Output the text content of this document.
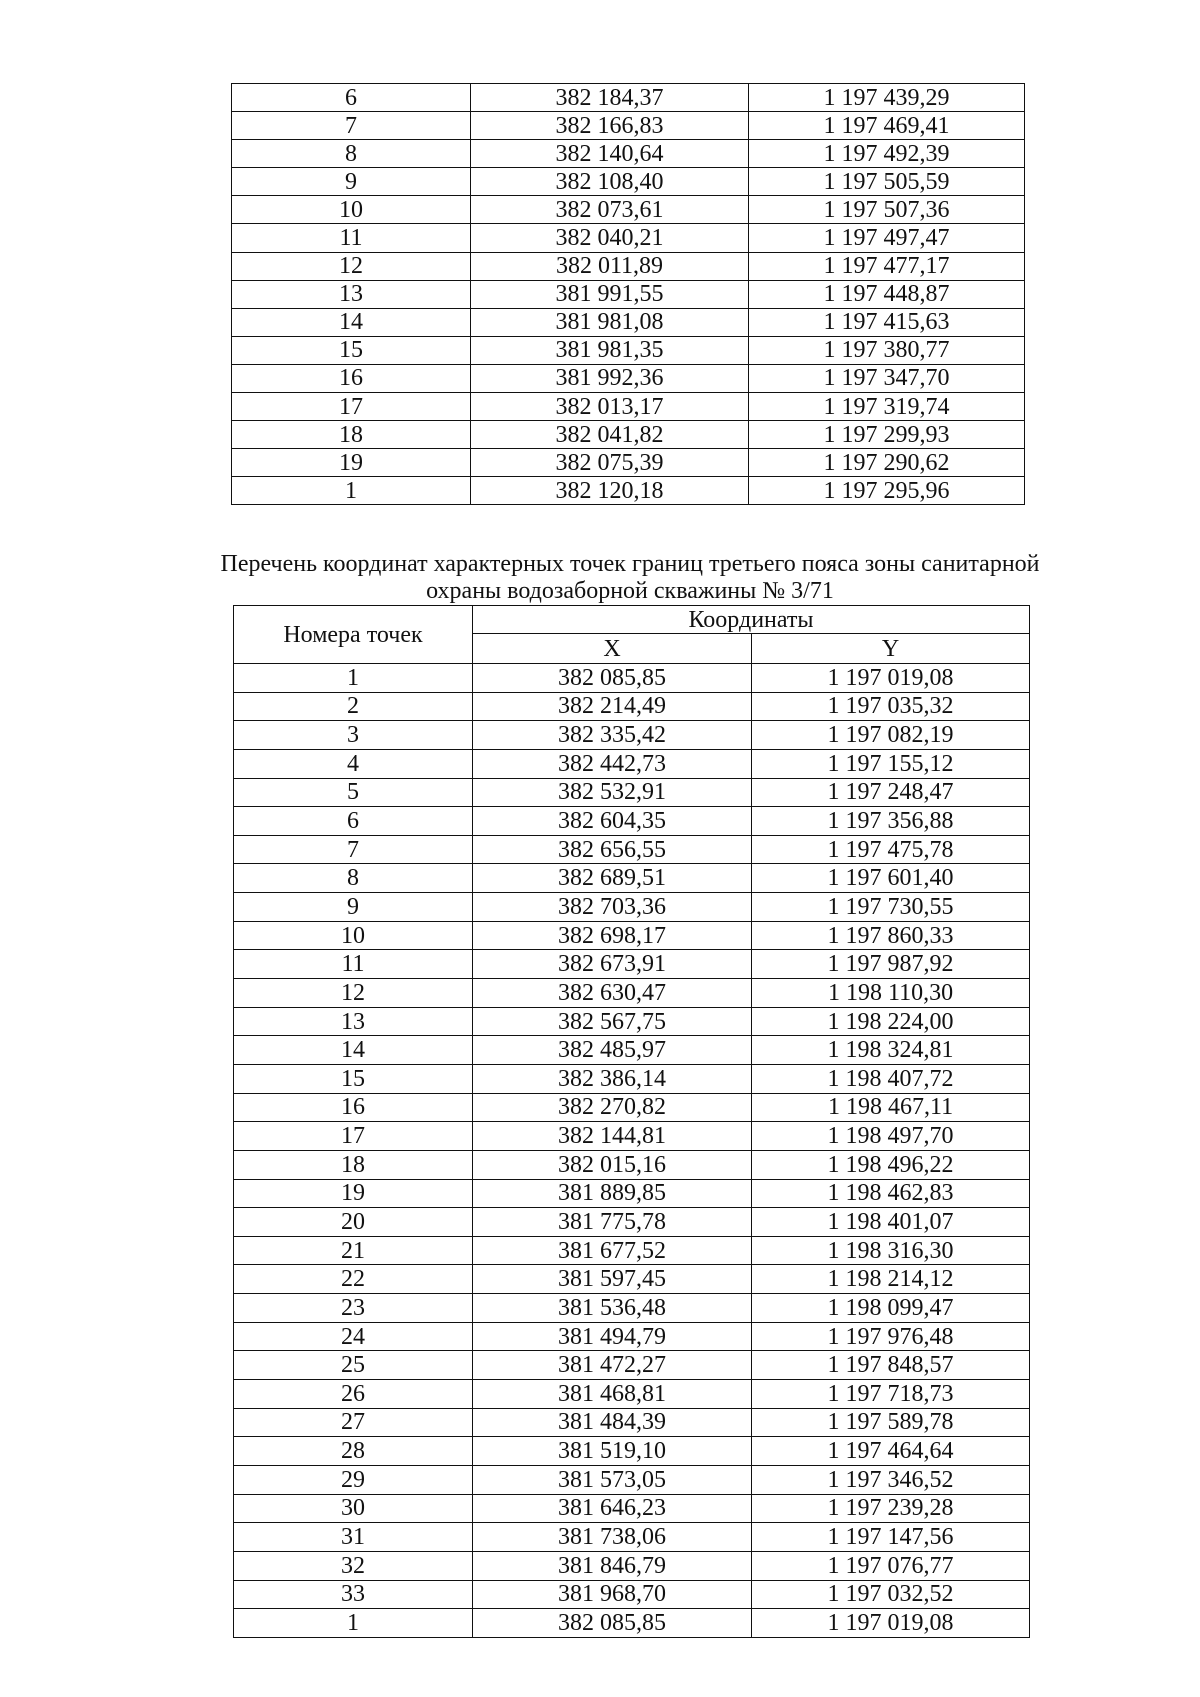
6	382 184,37	1 197 439,29
7	382 166,83	1 197 469,41
8	382 140,64	1 197 492,39
9	382 108,40	1 197 505,59
10	382 073,61	1 197 507,36
11	382 040,21	1 197 497,47
12	382 011,89	1 197 477,17
13	381 991,55	1 197 448,87
14	381 981,08	1 197 415,63
15	381 981,35	1 197 380,77
16	381 992,36	1 197 347,70
17	382 013,17	1 197 319,74
18	382 041,82	1 197 299,93
19	382 075,39	1 197 290,62
1	382 120,18	1 197 295,96
Перечень координат характерных точек границ третьего пояса зоны санитарной
охраны водозаборной скважины № 3/71
Номера точек	Координаты	
	X	Y
1	382 085,85	1 197 019,08
2	382 214,49	1 197 035,32
3	382 335,42	1 197 082,19
4	382 442,73	1 197 155,12
5	382 532,91	1 197 248,47
6	382 604,35	1 197 356,88
7	382 656,55	1 197 475,78
8	382 689,51	1 197 601,40
9	382 703,36	1 197 730,55
10	382 698,17	1 197 860,33
11	382 673,91	1 197 987,92
12	382 630,47	1 198 110,30
13	382 567,75	1 198 224,00
14	382 485,97	1 198 324,81
15	382 386,14	1 198 407,72
16	382 270,82	1 198 467,11
17	382 144,81	1 198 497,70
18	382 015,16	1 198 496,22
19	381 889,85	1 198 462,83
20	381 775,78	1 198 401,07
21	381 677,52	1 198 316,30
22	381 597,45	1 198 214,12
23	381 536,48	1 198 099,47
24	381 494,79	1 197 976,48
25	381 472,27	1 197 848,57
26	381 468,81	1 197 718,73
27	381 484,39	1 197 589,78
28	381 519,10	1 197 464,64
29	381 573,05	1 197 346,52
30	381 646,23	1 197 239,28
31	381 738,06	1 197 147,56
32	381 846,79	1 197 076,77
33	381 968,70	1 197 032,52
1	382 085,85	1 197 019,08
